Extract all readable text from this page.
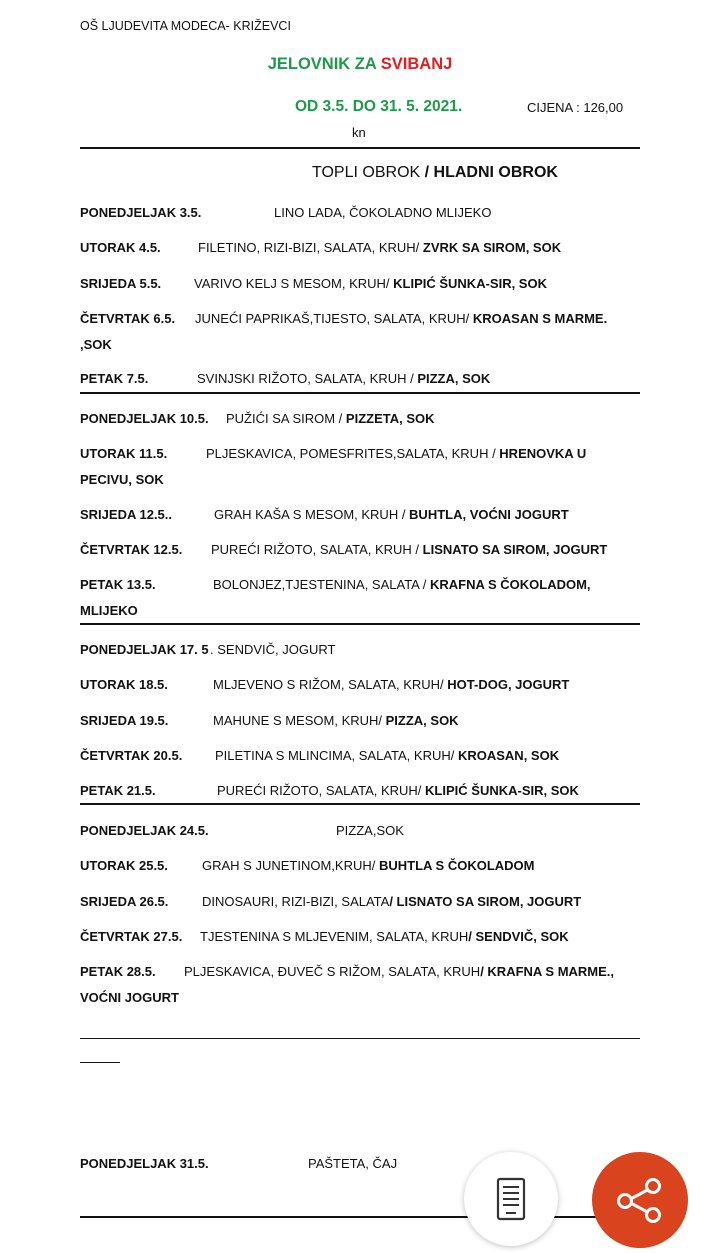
OŠ LJUDEVITA MODECA- KRIŽEVCI
JELOVNIK ZA SVIBANJ
OD 3.5. DO 31. 5. 2021.	CIJENA : 126,00
kn
TOPLI OBROK / HLADNI OBROK
PONEDJELJAK 3.5.	LINO LADA, ČOKOLADNO MLIJEKO
UTORAK 4.5.	FILETINO, RIZI-BIZI, SALATA, KRUH/ ZVRK SA SIROM, SOK
SRIJEDA 5.5.	VARIVO KELJ S MESOM, KRUH/ KLIPIĆ ŠUNKA-SIR, SOK
ČETVRTAK 6.5. JUNEĆI PAPRIKAŠ,TIJESTO, SALATA, KRUH/ KROASAN S MARME.
,SOK
PETAK 7.5.	SVINJSKI RIŽOTO, SALATA, KRUH / PIZZA, SOK
PONEDJELJAK 10.5. PUŽIĆI SA SIROM / PIZZETA, SOK
UTORAK 11.5.	PLJESKAVICA, POMESFRITES,SALATA, KRUH / HRENOVKA U
PECIVU, SOK
SRIJEDA 12.5..	GRAH KAŠA S MESOM, KRUH / BUHTLA, VOĆNI JOGURT
ČETVRTAK 12.5. PUREĆI RIŽOTO, SALATA, KRUH / LISNATO SA SIROM, JOGURT
PETAK 13.5.	BOLONJEZ,TJESTENINA, SALATA / KRAFNA S ČOKOLADOM,
MLIJEKO
PONEDJELJAK 17. 5 . SENDVIČ, JOGURT
UTORAK 18.5.	MLJEVENO S RIŽOM, SALATA, KRUH/ HOT-DOG, JOGURT
SRIJEDA 19.5.	MAHUNE S MESOM, KRUH/ PIZZA, SOK
ČETVRTAK 20.5.	PILETINA S MLINCIMA, SALATA, KRUH/ KROASAN, SOK
PETAK 21.5.	PUREĆI RIŽOTO, SALATA, KRUH/ KLIPIĆ ŠUNKA-SIR, SOK
PONEDJELJAK 24.5.	PIZZA,SOK
UTORAK 25.5.	GRAH S JUNETINOM,KRUH/ BUHTLA S ČOKOLADOM
SRIJEDA 26.5.	DINOSAURI, RIZI-BIZI, SALATA/ LISNATO SA SIROM, JOGURT
ČETVRTAK 27.5. TJESTENINA S MLJEVENIM, SALATA, KRUH/ SENDVIČ, SOK
PETAK 28.5. PLJESKAVICA, ĐUVEČ S RIŽOM, SALATA, KRUH/ KRAFNA S MARME.,
VOĆNI JOGURT
PONEDJELJAK 31.5.	PAŠTETA, ČAJ
